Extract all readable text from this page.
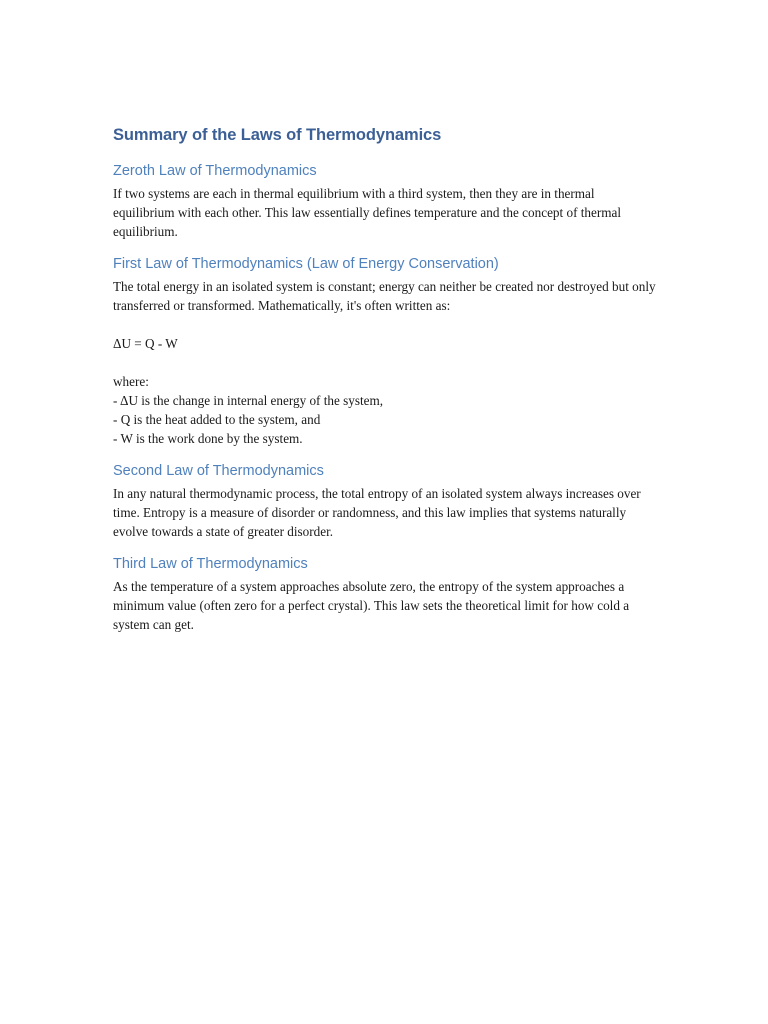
Summary of the Laws of Thermodynamics
Zeroth Law of Thermodynamics

If two systems are each in thermal equilibrium with a third system, then they are in thermal equilibrium with each other. This law essentially defines temperature and the concept of thermal equilibrium.

First Law of Thermodynamics (Law of Energy Conservation)

The total energy in an isolated system is constant; energy can neither be created nor destroyed but only transferred or transformed. Mathematically, it's often written as:

ΔU = Q - W

where:

- ΔU is the change in internal energy of the system,
- Q is the heat added to the system, and
- W is the work done by the system.
Second Law of Thermodynamics

In any natural thermodynamic process, the total entropy of an isolated system always increases over time. Entropy is a measure of disorder or randomness, and this law implies that systems naturally evolve towards a state of greater disorder.

Third Law of Thermodynamics

As the temperature of a system approaches absolute zero, the entropy of the system approaches a minimum value (often zero for a perfect crystal). This law sets the theoretical limit for how cold a system can get.
